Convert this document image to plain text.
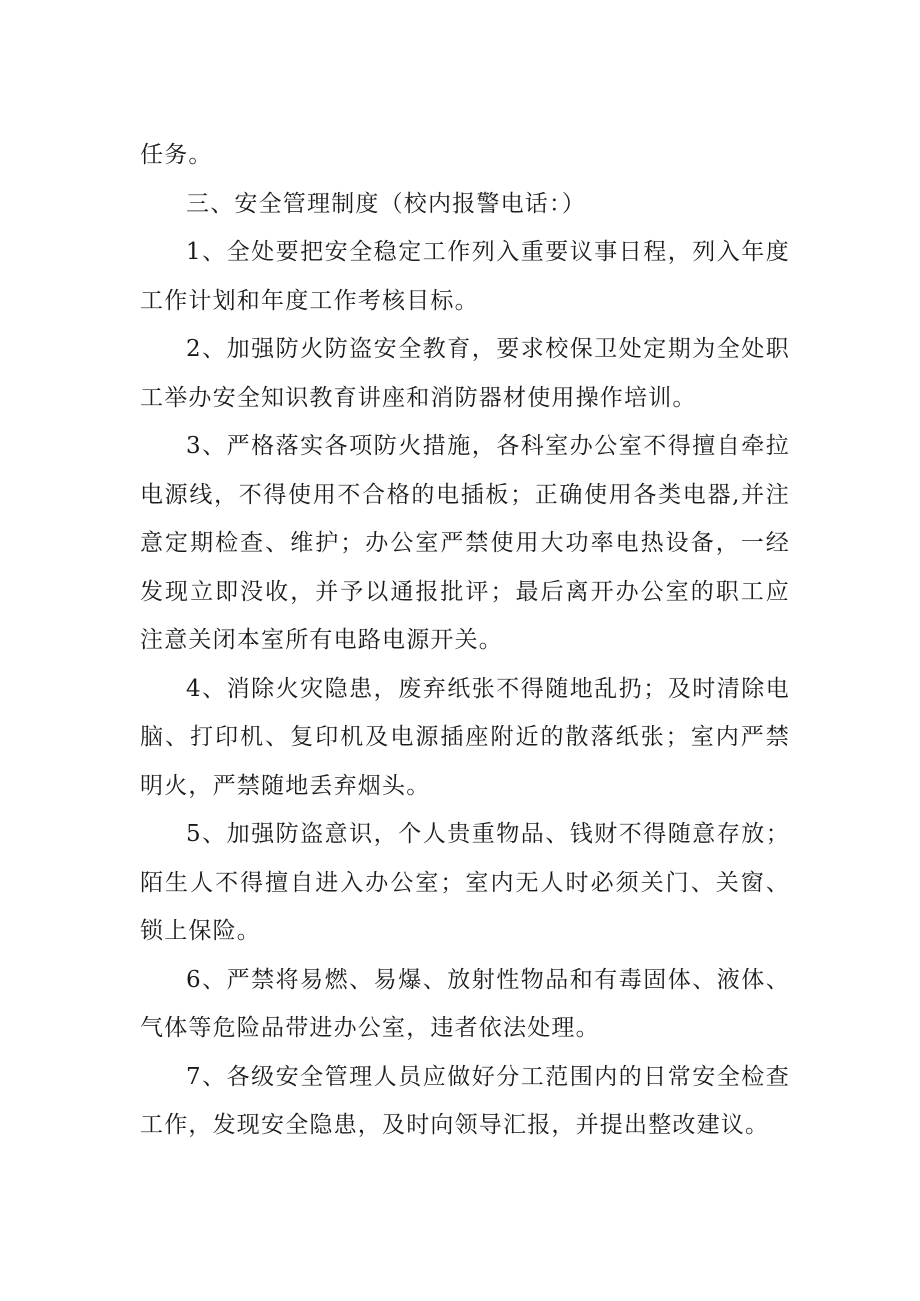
任务。

三、安全管理制度（校内报警电话：）

1、全处要把安全稳定工作列入重要议事日程，列入年度工作计划和年度工作考核目标。

2、加强防火防盗安全教育，要求校保卫处定期为全处职工举办安全知识教育讲座和消防器材使用操作培训。

3、严格落实各项防火措施，各科室办公室不得擅自牵拉电源线，不得使用不合格的电插板；正确使用各类电器,并注意定期检查、维护；办公室严禁使用大功率电热设备，一经发现立即没收，并予以通报批评；最后离开办公室的职工应注意关闭本室所有电路电源开关。

4、消除火灾隐患，废弃纸张不得随地乱扔；及时清除电脑、打印机、复印机及电源插座附近的散落纸张；室内严禁明火，严禁随地丢弃烟头。

5、加强防盗意识，个人贵重物品、钱财不得随意存放；陌生人不得擅自进入办公室；室内无人时必须关门、关窗、锁上保险。

6、严禁将易燃、易爆、放射性物品和有毒固体、液体、气体等危险品带进办公室，违者依法处理。

7、各级安全管理人员应做好分工范围内的日常安全检查工作，发现安全隐患，及时向领导汇报，并提出整改建议。
